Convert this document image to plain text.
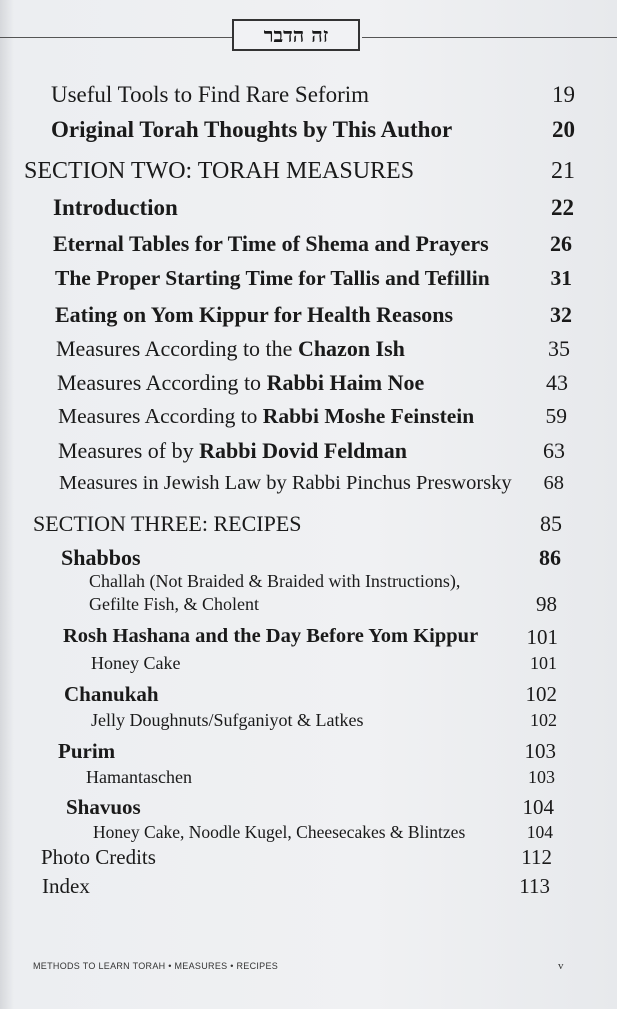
זה הדבר
Useful Tools to Find Rare Seforim	19
Original Torah Thoughts by This Author	20
SECTION TWO: TORAH MEASURES	21
Introduction	22
Eternal Tables for Time of Shema and Prayers	26
The Proper Starting Time for Tallis and Tefillin	31
Eating on Yom Kippur for Health Reasons	32
Measures According to the Chazon Ish	35
Measures According to Rabbi Haim Noe	43
Measures According to Rabbi Moshe Feinstein	59
Measures of by Rabbi Dovid Feldman	63
Measures in Jewish Law by Rabbi Pinchus Presworsky	68
SECTION THREE: RECIPES	85
Shabbos	86
Challah (Not Braided & Braided with Instructions),
Gefilte Fish, & Cholent	98
Rosh Hashana and the Day Before Yom Kippur	101
Honey Cake	101
Chanukah	102
Jelly Doughnuts/Sufganiyot & Latkes	102
Purim	103
Hamantaschen	103
Shavuos	104
Honey Cake, Noodle Kugel, Cheesecakes & Blintzes	104
Photo Credits	112
Index	113
METHODS TO LEARN TORAH • MEASURES • RECIPES	v
